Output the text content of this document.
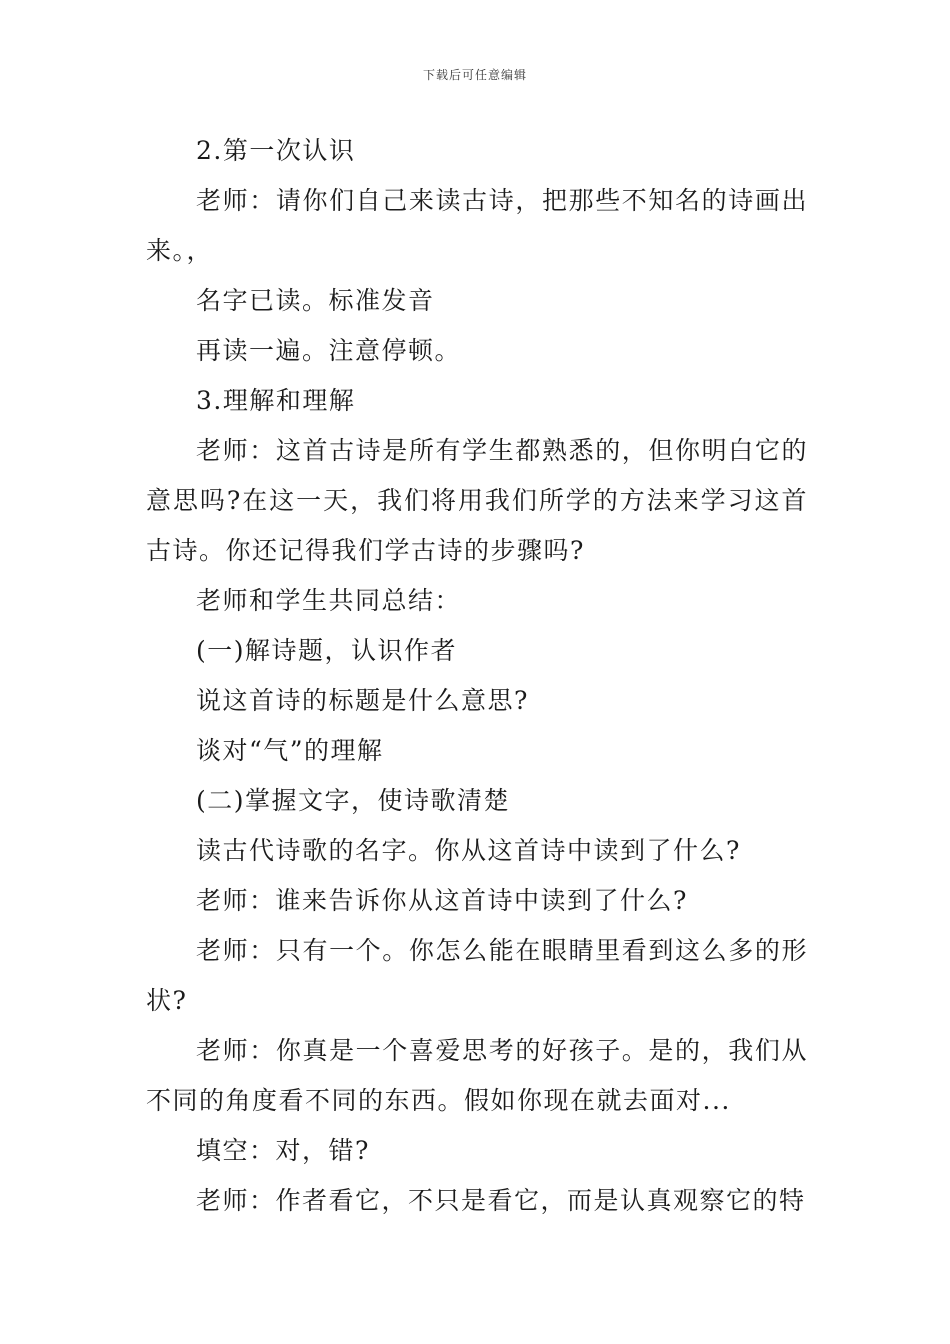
下载后可任意编辑

2.第一次认识

老师：请你们自己来读古诗，把那些不知名的诗画出来。，

名字已读。标准发音

再读一遍。注意停顿。

3.理解和理解

老师：这首古诗是所有学生都熟悉的，但你明白它的意思吗?在这一天，我们将用我们所学的方法来学习这首古诗。你还记得我们学古诗的步骤吗?

老师和学生共同总结：

(一)解诗题，认识作者

说这首诗的标题是什么意思?

谈对“气”的理解

(二)掌握文字，使诗歌清楚

读古代诗歌的名字。你从这首诗中读到了什么?

老师：谁来告诉你从这首诗中读到了什么?

老师：只有一个。你怎么能在眼睛里看到这么多的形状?

老师：你真是一个喜爱思考的好孩子。是的，我们从不同的角度看不同的东西。假如你现在就去面对...

填空：对，错?

老师：作者看它，不只是看它，而是认真观察它的特
